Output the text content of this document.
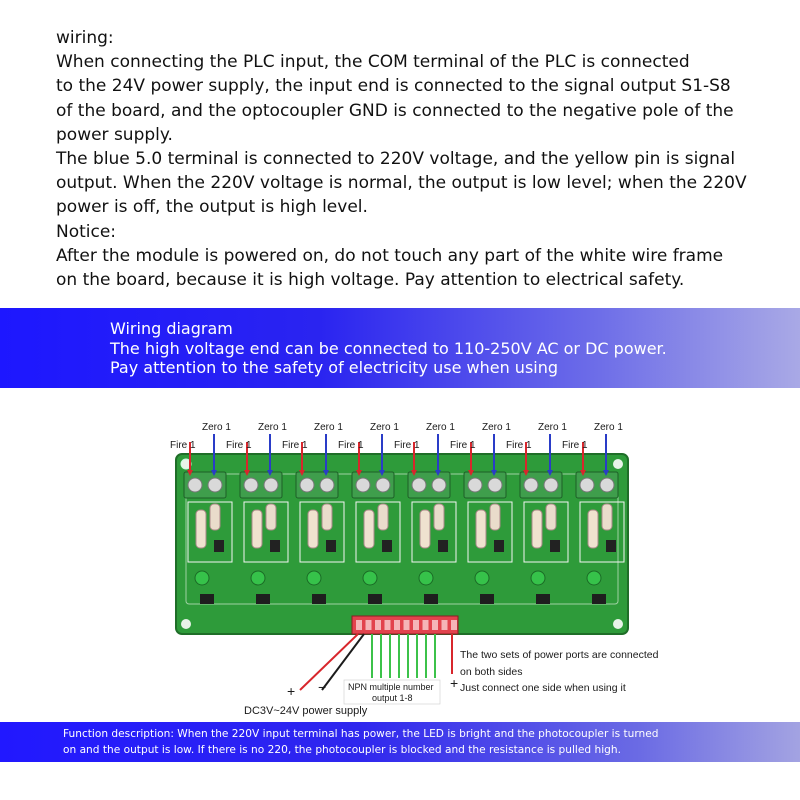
wiring:
When connecting the PLC input, the COM terminal of the PLC is connected
to the 24V power supply, the input end is connected to the signal output S1-S8
of the board, and the optocoupler GND is connected to the negative pole of the
power supply.
The blue 5.0 terminal is connected to 220V voltage, and the yellow pin is signal
output. When the 220V voltage is normal, the output is low level; when the 220V
power is off, the output is high level.
Notice:
After the module is powered on, do not touch any part of the white wire frame
on the board, because it is high voltage. Pay attention to electrical safety.
Wiring diagram
The high voltage end can be connected to 110-250V AC or DC power.
Pay attention to the safety of electricity use when using
Fire 1
Zero 1
Fire 1
Zero 1
Fire 1
Zero 1
Fire 1
Zero 1
Fire 1
Zero 1
Fire 1
Zero 1
Fire 1
Zero 1
Fire 1
Zero 1
The two sets of power ports are connected
on both sides
Just connect one side when using it
NPN multiple number
output 1-8
DC3V~24V power supply
+ −	+
Function description: When the 220V input terminal has power, the LED is bright and the photocoupler is turned
on and the output is low. If there is no 220, the photocoupler is blocked and the resistance is pulled high.
